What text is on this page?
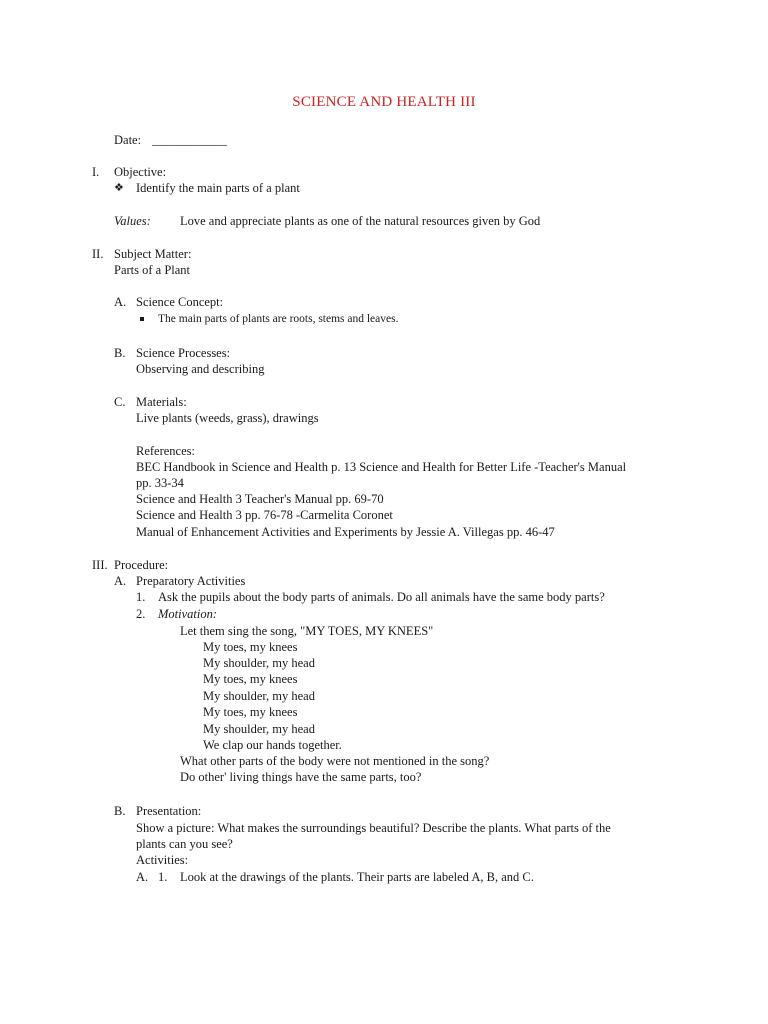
SCIENCE AND HEALTH III
Date: ____________
I. Objective:
❖ Identify the main parts of a plant
Values: Love and appreciate plants as one of the natural resources given by God
II. Subject Matter:
Parts of a Plant
A. Science Concept:
The main parts of plants are roots, stems and leaves.
B. Science Processes:
Observing and describing
C. Materials:
Live plants (weeds, grass), drawings
References:
BEC Handbook in Science and Health p. 13 Science and Health for Better Life -Teacher's Manual
pp. 33-34
Science and Health 3 Teacher's Manual pp. 69-70
Science and Health 3 pp. 76-78 -Carmelita Coronet
Manual of Enhancement Activities and Experiments by Jessie A. Villegas pp. 46-47
III. Procedure:
A. Preparatory Activities
1. Ask the pupils about the body parts of animals. Do all animals have the same body parts?
2. Motivation:
Let them sing the song, "MY TOES, MY KNEES"
My toes, my knees
My shoulder, my head
My toes, my knees
My shoulder, my head
My toes, my knees
My shoulder, my head
We clap our hands together.
What other parts of the body were not mentioned in the song?
Do other' living things have the same parts, too?
B. Presentation:
Show a picture: What makes the surroundings beautiful? Describe the plants. What parts of the
plants can you see?
Activities:
A. 1. Look at the drawings of the plants. Their parts are labeled A, B, and C.
